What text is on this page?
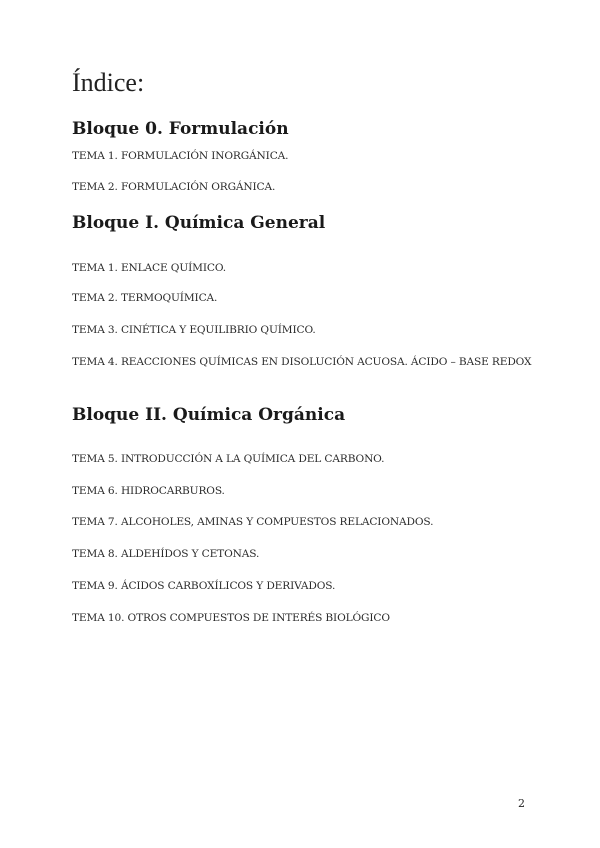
Índice:
Bloque 0. Formulación

TEMA 1. FORMULACIÓN INORGÁNICA.

TEMA 2. FORMULACIÓN ORGÁNICA.

Bloque I. Química General

TEMA 1. ENLACE QUÍMICO.

TEMA 2. TERMOQUÍMICA.

TEMA 3. CINÉTICA Y EQUILIBRIO QUÍMICO.

TEMA 4. REACCIONES QUÍMICAS EN DISOLUCIÓN ACUOSA. ÁCIDO – BASE REDOX

Bloque II. Química Orgánica

TEMA 5. INTRODUCCIÓN A LA QUÍMICA DEL CARBONO.

TEMA 6. HIDROCARBUROS.

TEMA 7. ALCOHOLES, AMINAS Y COMPUESTOS RELACIONADOS.

TEMA 8. ALDEHÍDOS Y CETONAS.

TEMA 9. ÁCIDOS CARBOXÍLICOS Y DERIVADOS.

TEMA 10. OTROS COMPUESTOS DE INTERÉS BIOLÓGICO

2
